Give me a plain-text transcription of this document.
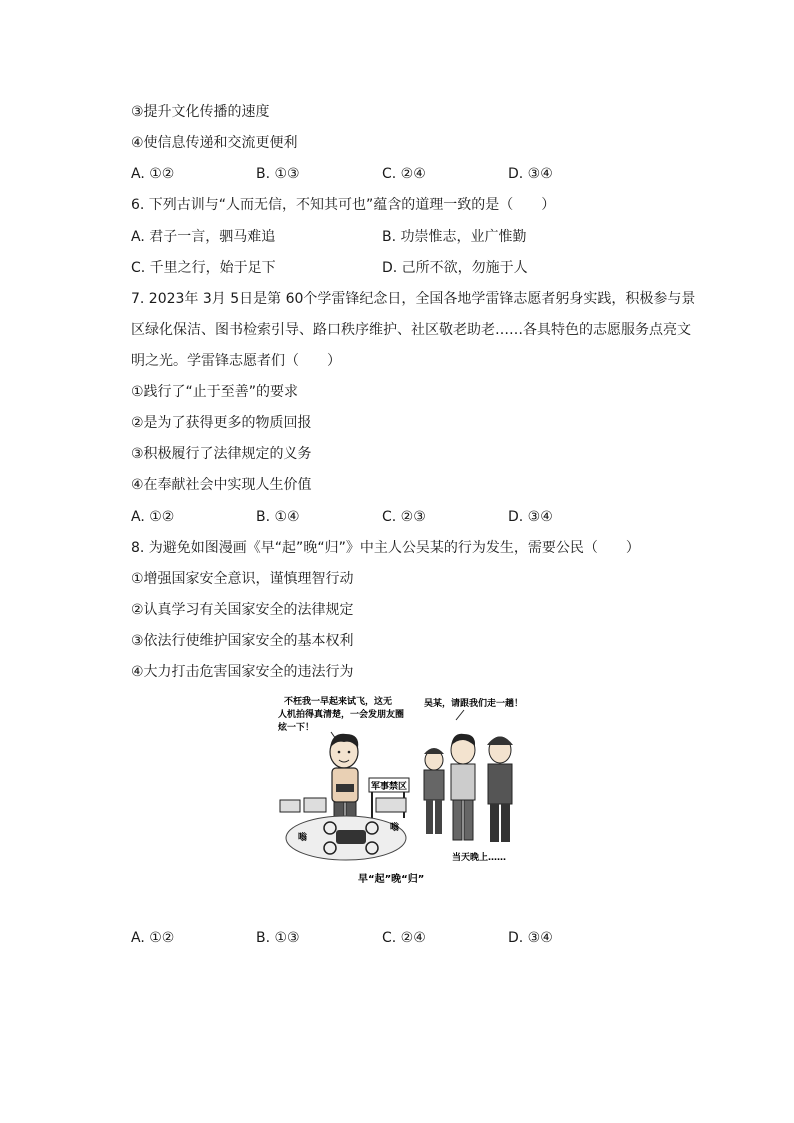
③提升文化传播的速度
④使信息传递和交流更便利
A. ①②	B. ①③	C. ②④	D. ③④
6. 下列古训与“人而无信，不知其可也”蕴含的道理一致的是（　　）
A. 君子一言，驷马难追	B. 功崇惟志，业广惟勤
C. 千里之行，始于足下	D. 己所不欲，勿施于人
7. 2023年 3月 5日是第 60个学雷锋纪念日，全国各地学雷锋志愿者躬身实践，积极参与景
区绿化保洁、图书检索引导、路口秩序维护、社区敬老助老……各具特色的志愿服务点亮文
明之光。学雷锋志愿者们（　　）
①践行了“止于至善”的要求
②是为了获得更多的物质回报
③积极履行了法律规定的义务
④在奉献社会中实现人生价值
A. ①②	B. ①④	C. ②③	D. ③④
8. 为避免如图漫画《早“起”晚“归”》中主人公吴某的行为发生，需要公民（　　）
①增强国家安全意识，谨慎理智行动
②认真学习有关国家安全的法律规定
③依法行使维护国家安全的基本权利
④大力打击危害国家安全的违法行为
不枉我一早起来试飞，这无
人机拍得真清楚，一会发朋友圈
炫一下！
吴某，请跟我们走一趟！
军事禁区
嗡
嗡
当天晚上……
早“起”晚“归”
A. ①②	B. ①③	C. ②④	D. ③④
